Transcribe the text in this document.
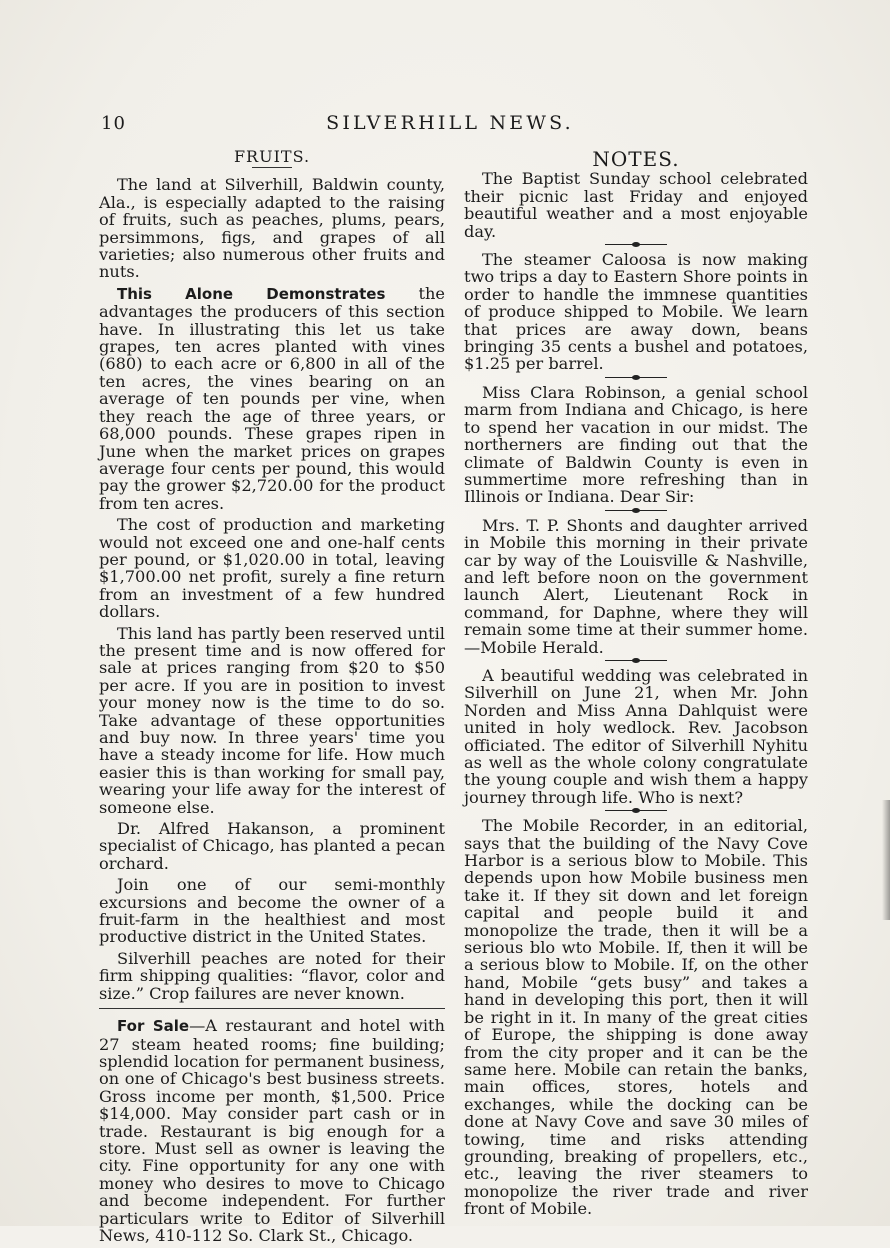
10	SILVERHILL NEWS.
FRUITS.

The land at Silverhill, Baldwin county, Ala., is especially adapted to the raising of fruits, such as peaches, plums, pears, persimmons, figs, and grapes of all varieties; also numerous other fruits and nuts.

This Alone Demonstrates the advantages the producers of this section have. In illustrating this let us take grapes, ten acres planted with vines (680) to each acre or 6,800 in all of the ten acres, the vines bearing on an average of ten pounds per vine, when they reach the age of three years, or 68,000 pounds. These grapes ripen in June when the market prices on grapes average four cents per pound, this would pay the grower $2,720.00 for the product from ten acres.

The cost of production and marketing would not exceed one and one-half cents per pound, or $1,020.00 in total, leaving $1,700.00 net profit, surely a fine return from an investment of a few hundred dollars.

This land has partly been reserved until the present time and is now offered for sale at prices ranging from $20 to $50 per acre. If you are in position to invest your money now is the time to do so. Take advantage of these opportunities and buy now. In three years' time you have a steady income for life. How much easier this is than working for small pay, wearing your life away for the interest of someone else.

Dr. Alfred Hakanson, a prominent specialist of Chicago, has planted a pecan orchard.

Join one of our semi-monthly excursions and become the owner of a fruit-farm in the healthiest and most productive district in the United States.

Silverhill peaches are noted for their firm shipping qualities: “flavor, color and size.” Crop failures are never known.

For Sale—A restaurant and hotel with 27 steam heated rooms; fine building; splendid location for permanent business, on one of Chicago's best business streets. Gross income per month, $1,500. Price $14,000. May consider part cash or in trade. Restaurant is big enough for a store. Must sell as owner is leaving the city. Fine opportunity for any one with money who desires to move to Chicago and become independent. For further particulars write to Editor of Silverhill News, 410-112 So. Clark St., Chicago.

NOTES.

The Baptist Sunday school celebrated their picnic last Friday and enjoyed beautiful weather and a most enjoyable day.

The steamer Caloosa is now making two trips a day to Eastern Shore points in order to handle the immnese quantities of produce shipped to Mobile. We learn that prices are away down, beans bringing 35 cents a bushel and potatoes, $1.25 per barrel.

Miss Clara Robinson, a genial school marm from Indiana and Chicago, is here to spend her vacation in our midst. The northerners are finding out that the climate of Baldwin County is even in summertime more refreshing than in Illinois or Indiana. Dear Sir:

Mrs. T. P. Shonts and daughter arrived in Mobile this morning in their private car by way of the Louisville & Nashville, and left before noon on the government launch Alert, Lieutenant Rock in command, for Daphne, where they will remain some time at their summer home.—Mobile Herald.

A beautiful wedding was celebrated in Silverhill on June 21, when Mr. John Norden and Miss Anna Dahlquist were united in holy wedlock. Rev. Jacobson officiated. The editor of Silverhill Nyhitu as well as the whole colony congratulate the young couple and wish them a happy journey through life. Who is next?

The Mobile Recorder, in an editorial, says that the building of the Navy Cove Harbor is a serious blow to Mobile. This depends upon how Mobile business men take it. If they sit down and let foreign capital and people build it and monopolize the trade, then it will be a serious blo wto Mobile. If, then it will be a serious blow to Mobile. If, on the other hand, Mobile “gets busy” and takes a hand in developing this port, then it will be right in it. In many of the great cities of Europe, the shipping is done away from the city proper and it can be the same here. Mobile can retain the banks, main offices, stores, hotels and exchanges, while the docking can be done at Navy Cove and save 30 miles of towing, time and risks attending grounding, breaking of propellers, etc., etc., leaving the river steamers to monopolize the river trade and river front of Mobile.
